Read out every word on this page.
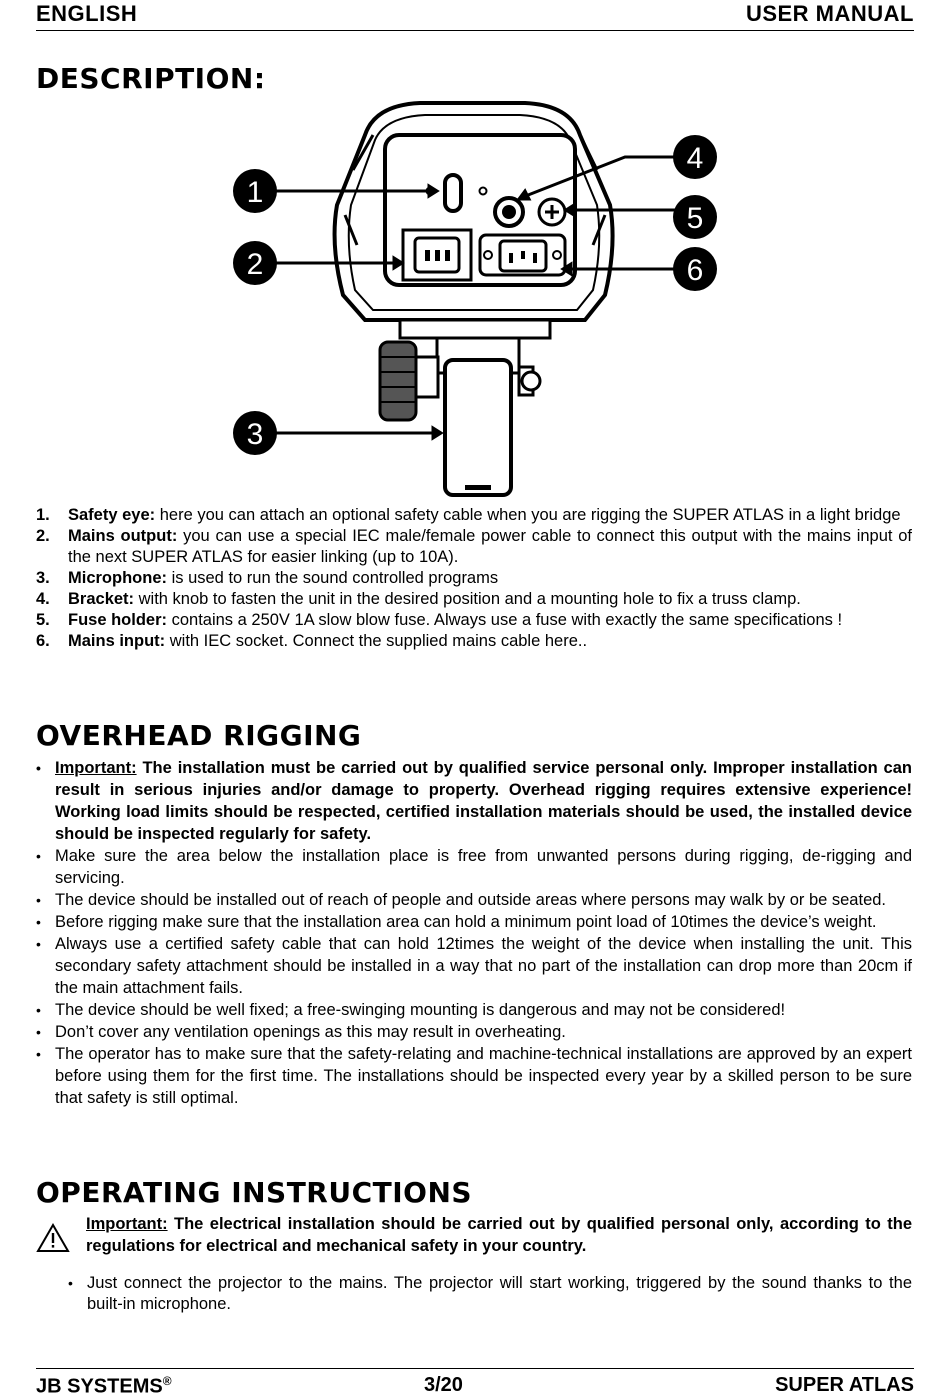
ENGLISH	USER MANUAL
DESCRIPTION:
1
2
3
4
5
6
1. Safety eye: here you can attach an optional safety cable when you are rigging the SUPER ATLAS in a light bridge
2. Mains output: you can use a special IEC male/female power cable to connect this output with the mains input of the next SUPER ATLAS for easier linking (up to 10A).
3. Microphone: is used to run the sound controlled programs
4. Bracket: with knob to fasten the unit in the desired position and a mounting hole to fix a truss clamp.
5. Fuse holder: contains a 250V 1A slow blow fuse. Always use a fuse with exactly the same specifications !
6. Mains input: with IEC socket. Connect the supplied mains cable here..
OVERHEAD RIGGING
• Important: The installation must be carried out by qualified service personal only. Improper installation can result in serious injuries and/or damage to property. Overhead rigging requires extensive experience! Working load limits should be respected, certified installation materials should be used, the installed device should be inspected regularly for safety.
• Make sure the area below the installation place is free from unwanted persons during rigging, de-rigging and servicing.
• The device should be installed out of reach of people and outside areas where persons may walk by or be seated.
• Before rigging make sure that the installation area can hold a minimum point load of 10times the device’s weight.
• Always use a certified safety cable that can hold 12times the weight of the device when installing the unit. This secondary safety attachment should be installed in a way that no part of the installation can drop more than 20cm if the main attachment fails.
• The device should be well fixed; a free-swinging mounting is dangerous and may not be considered!
• Don’t cover any ventilation openings as this may result in overheating.
• The operator has to make sure that the safety-relating and machine-technical installations are approved by an expert before using them for the first time. The installations should be inspected every year by a skilled person to be sure that safety is still optimal.
OPERATING INSTRUCTIONS
Important: The electrical installation should be carried out by qualified personal only, according to the regulations for electrical and mechanical safety in your country.
• Just connect the projector to the mains. The projector will start working, triggered by the sound thanks to the built-in microphone.
JB SYSTEMS®	3/20	SUPER ATLAS
